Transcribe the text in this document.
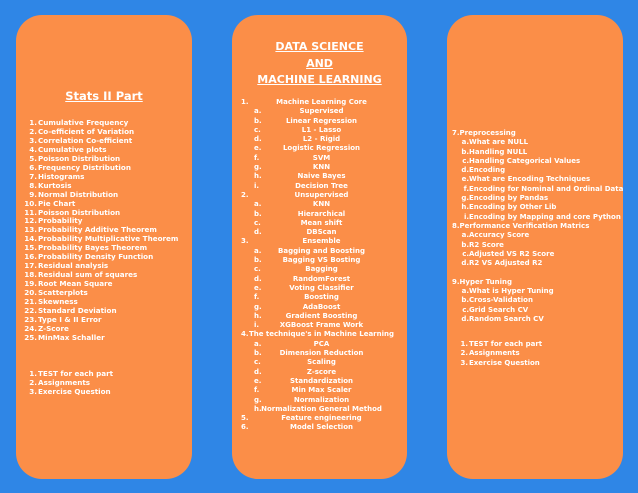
Stats II Part
1.Cumulative Frequency
2.Co-efficient of Variation
3.Correlation Co-efficient
4.Cumulative plots
5.Poisson Distribution
6.Frequency Distribution
7.Histograms
8.Kurtosis
9.Normal Distribution
10.Pie Chart
11.Poisson Distribution
12.Probability
13.Probability Additive Theorem
14.Probability Multiplicative Theorem
15.Probability Bayes Theorem
16.Probability Density Function
17.Residual analysis
18.Residual sum of squares
19.Root Mean Square
20.Scatterplots
21.Skewness
22.Standard Deviation
23.Type I & II Error
24.Z-Score
25.MinMax Schaller
1.TEST for each part
2.Assignments
3.Exercise Question
DATA SCIENCE
AND
MACHINE LEARNING
1.	Machine Learning Core
a.	Supervised
b.	Linear Regression
c.	L1 - Lasso
d.	L2 - Rigid
e.	Logistic Regression
f.	SVM
g.	KNN
h.	Naive Bayes
i.	Decision Tree
2.	Unsupervised
a.	KNN
b.	Hierarchical
c.	Mean shift
d.	DBScan
3.	Ensemble
a. Bagging and Boosting
b.	Bagging VS Bosting
c.	Bagging
d.	RandomForest
e.	Voting Classifier
f.	Boosting
g.	AdaBoost
h.	Gradient Boosting
i.	XGBoost Frame Work
4. The technique's in Machine Learning
a.	PCA
b.	Dimension Reduction
c.	Scaling
d.	Z-score
e.	Standardization
f.	Min Max Scaler
g.	Normalization
h. Normalization General Method
5.	Feature engineering
6.	Model Selection
7.Preprocessing
a.What are NULL
b.Handling NULL
c.Handling Categorical Values
d.Encoding
e.What are Encoding Techniques
f.Encoding for Nominal and Ordinal Data
g.Encoding by Pandas
h.Encoding by Other Lib
i.Encoding by Mapping and core Python
8.Performance Verification Matrics
a.Accuracy Score
b.R2 Score
c.Adjusted VS R2 Score
d.R2 VS Adjusted R2

9.Hyper Tuning
a.What is Hyper Tuning
b.Cross-Validation
c.Grid Search CV
d.Random Search CV
1.TEST for each part
2.Assignments
3.Exercise Question
